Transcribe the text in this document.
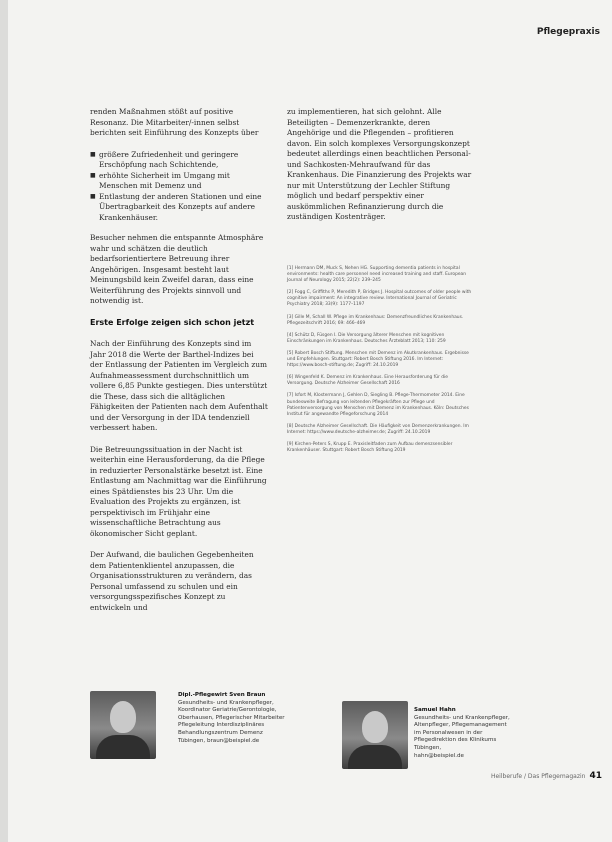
Pflegepraxis

renden Maßnahmen stößt auf positive Resonanz. Die Mitarbeiter/-innen selbst berichten seit Einführung des Konzepts über

■ größere Zufriedenheit und geringere Erschöpfung nach Schichtende,
■ erhöhte Sicherheit im Umgang mit Menschen mit Demenz und
■ Entlastung der anderen Stationen und eine Übertragbarkeit des Konzepts auf andere Krankenhäuser.

Besucher nehmen die entspannte Atmosphäre wahr und schätzen die deutlich bedarfsorientiertere Betreuung ihrer Angehörigen. Insgesamt besteht laut Meinungsbild kein Zweifel daran, dass eine Weiterführung des Projekts sinnvoll und notwendig ist.

Erste Erfolge zeigen sich schon jetzt

Nach der Einführung des Konzepts sind im Jahr 2018 die Werte der Barthel-Indizes bei der Entlassung der Patienten im Vergleich zum Aufnahmeassessment durchschnittlich um vollere 6,85 Punkte gestiegen. Dies unterstützt die These, dass sich die alltäglichen Fähigkeiten der Patienten nach dem Aufenthalt und der Versorgung in der IDA tendenziell verbessert haben.

Die Betreuungssituation in der Nacht ist weiterhin eine Herausforderung, da die Pflege in reduzierter Personalstärke besetzt ist. Eine Entlastung am Nachmittag war die Einführung eines Spätdienstes bis 23 Uhr. Um die Evaluation des Projekts zu ergänzen, ist perspektivisch im Frühjahr eine wissenschaftliche Betrachtung aus ökonomischer Sicht geplant.

Der Aufwand, die baulichen Gegebenheiten dem Patientenklientel anzupassen, die Organisationsstrukturen zu verändern, das Personal umfassend zu schulen und ein versorgungsspezifisches Konzept zu entwickeln und

zu implementieren, hat sich gelohnt. Alle Beteiligten – Demenzerkrankte, deren Angehörige und die Pflegenden – profitieren davon. Ein solch komplexes Versorgungskonzept bedeutet allerdings einen beachtlichen Personal- und Sachkosten-Mehraufwand für das Krankenhaus. Die Finanzierung des Projekts war nur mit Unterstützung der Lechler Stiftung möglich und bedarf perspektiv einer auskömmlichen Refinanzierung durch die zuständigen Kostenträger.

[1] Hermann DM, Muck S, Nehen HG. Supporting dementia patients in hospital environments: health care personnel need increased training and staff. European Journal of Neurology 2015; 22(2): 239–245

[2] Fogg C, Griffiths P, Meredith P, Bridges J. Hospital outcomes of older people with cognitive impairment: An integrative review. International Journal of Geriatric Psychiatry 2018; 33(9): 1177–1197

[3] Gille M, Schall W. Pflege im Krankenhaus: Demenzfreundliches Krankenhaus. Pflegezeitschrift 2016; 69: 466–469

[4] Schütz D, Füsgen I. Die Versorgung älterer Menschen mit kognitiven Einschränkungen im Krankenhaus. Deutsches Ärzteblatt 2013; 110: 259

[5] Robert Bosch Stiftung. Menschen mit Demenz im Akutkrankenhaus. Ergebnisse und Empfehlungen. Stuttgart: Robert Bosch Stiftung 2016. Im Internet: https://www.bosch-stiftung.de; Zugriff: 24.10.2019

[6] Wingenfeld K. Demenz im Krankenhaus. Eine Herausforderung für die Versorgung. Deutsche Alzheimer Gesellschaft 2016

[7] Isfort M, Klostermann J, Gehlen D, Siegling B. Pflege-Thermometer 2014. Eine bundesweite Befragung von leitenden Pflegekräften zur Pflege und Patientenversorgung von Menschen mit Demenz im Krankenhaus. Köln: Deutsches Institut für angewandte Pflegeforschung 2014

[8] Deutsche Alzheimer Gesellschaft. Die Häufigkeit von Demenzerkrankungen. Im Internet: https://www.deutsche-alzheimer.de; Zugriff: 24.10.2019

[9] Kirchen-Peters S, Krupp E. Praxisleitfaden zum Aufbau demenzsensibler Krankenhäuser. Stuttgart: Robert Bosch Stiftung 2019

Dipl.-Pflegewirt Sven Braun
Gesundheits- und Krankenpfleger,
Koordinator Geriatrie/Gerontologie,
Oberhausen, Pflegerischer Mitarbeiter
Pflegeleitung Interdisziplinäres
Behandlungszentrum Demenz
Tübingen, braun@beispiel.de
Samuel Hahn
Gesundheits- und Krankenpfleger,
Altenpfleger, Pflegemanagement
im Personalwesen in der
Pflegedirektion des Klinikums
Tübingen,
hahn@beispiel.de
Heilberufe / Das Pflegemagazin 41
